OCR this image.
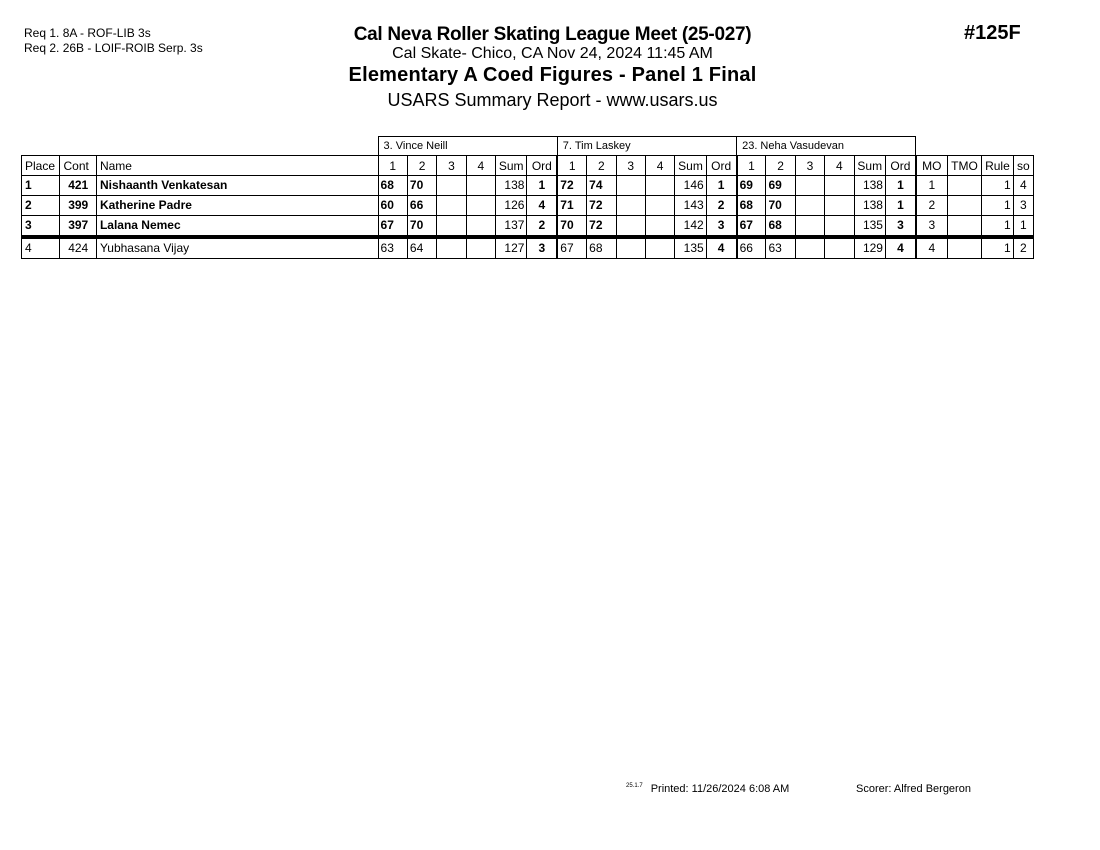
Req 1. 8A - ROF-LIB 3s
Req 2. 26B - LOIF-ROIB Serp. 3s
Cal Neva Roller Skating League Meet (25-027)
Cal Skate- Chico, CA Nov 24, 2024 11:45 AM
Elementary A Coed Figures - Panel 1 Final
USARS Summary Report - www.usars.us
#125F
			3. Vince Neill						7. Tim Laskey						23. Neha Vasudevan									
Place	Cont	Name	1	2	3	4	Sum	Ord	1	2	3	4	Sum	Ord	1	2	3	4	Sum	Ord	MO	TMO	Rule	so
1	421	Nishaanth Venkatesan	68	70			138	1	72	74			146	1	69	69			138	1	1		1	4
2	399	Katherine Padre	60	66			126	4	71	72			143	2	68	70			138	1	2		1	3
3	397	Lalana Nemec	67	70			137	2	70	72			142	3	67	68			135	3	3		1	1
4	424	Yubhasana Vijay	63	64			127	3	67	68			135	4	66	63			129	4	4		1	2
$^{25.1.7}$ Printed: 11/26/2024 6:08 AM	Scorer: Alfred Bergeron
